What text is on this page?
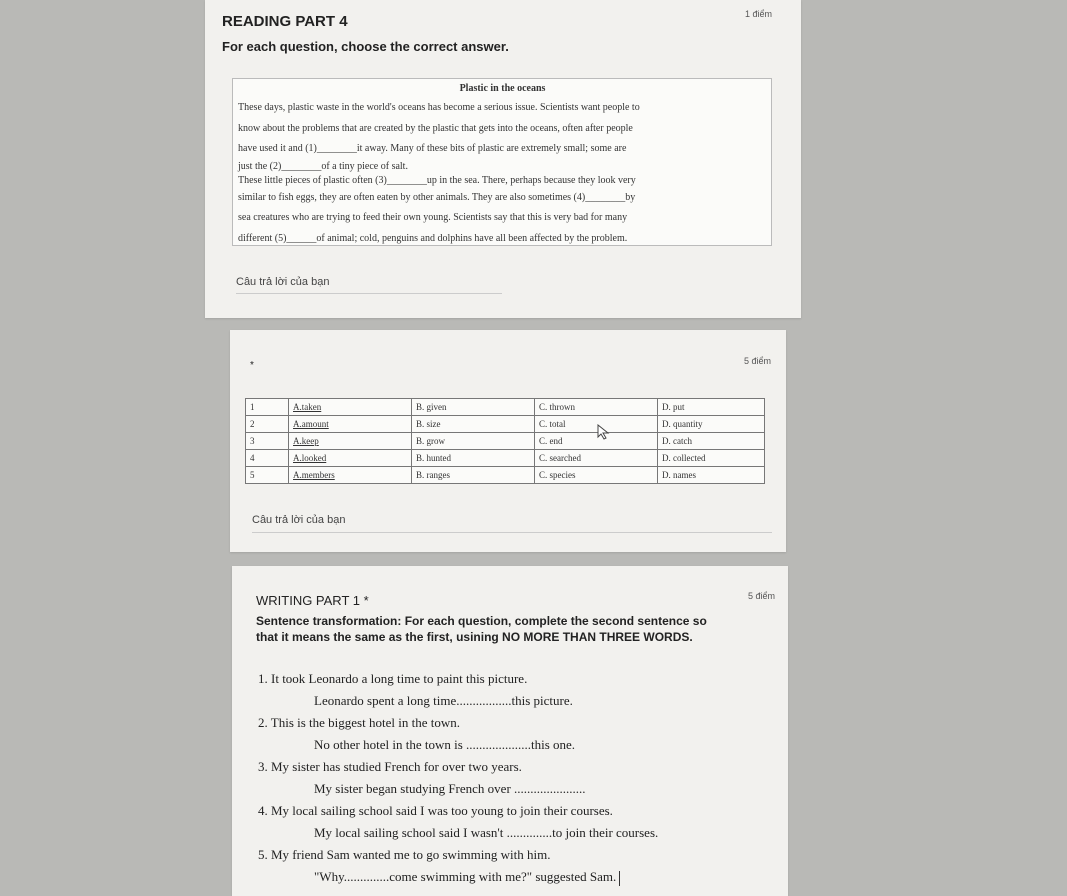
READING PART 4	1 điểm
For each question, choose the correct answer.
Plastic in the oceans

These days, plastic waste in the world's oceans has become a serious issue. Scientists want people to

know about the problems that are created by the plastic that gets into the oceans, often after people

have used it and (1)________it away. Many of these bits of plastic are extremely small; some are

just the (2)________of a tiny piece of salt.

These little pieces of plastic often (3)________up in the sea. There, perhaps because they look very

similar to fish eggs, they are often eaten by other animals. They are also sometimes (4)________by

sea creatures who are trying to feed their own young. Scientists say that this is very bad for many

different (5)______of animal; cold, penguins and dolphins have all been affected by the problem.

Câu trả lời của bạn
5 điểm
*
1	A.taken	B. given	C. thrown	D. put
2	A.amount	B. size	C. total	D. quantity
3	A.keep	B. grow	C. end	D. catch
4	A.looked	B. hunted	C. searched	D. collected
5	A.members	B. ranges	C. species	D. names
Câu trả lời của bạn
WRITING PART 1 *	5 điểm
Sentence transformation: For each question, complete the second sentence so
that it means the same as the first, usining NO MORE THAN THREE WORDS.

1. It took Leonardo a long time to paint this picture.

Leonardo spent a long time.................this picture.

2. This is the biggest hotel in the town.

No other hotel in the town is ....................this one.

3. My sister has studied French for over two years.

My sister began studying French over ......................

4. My local sailing school said I was too young to join their courses.

My local sailing school said I wasn't ..............to join their courses.

5. My friend Sam wanted me to go swimming with him.

"Why..............come swimming with me?" suggested Sam.
